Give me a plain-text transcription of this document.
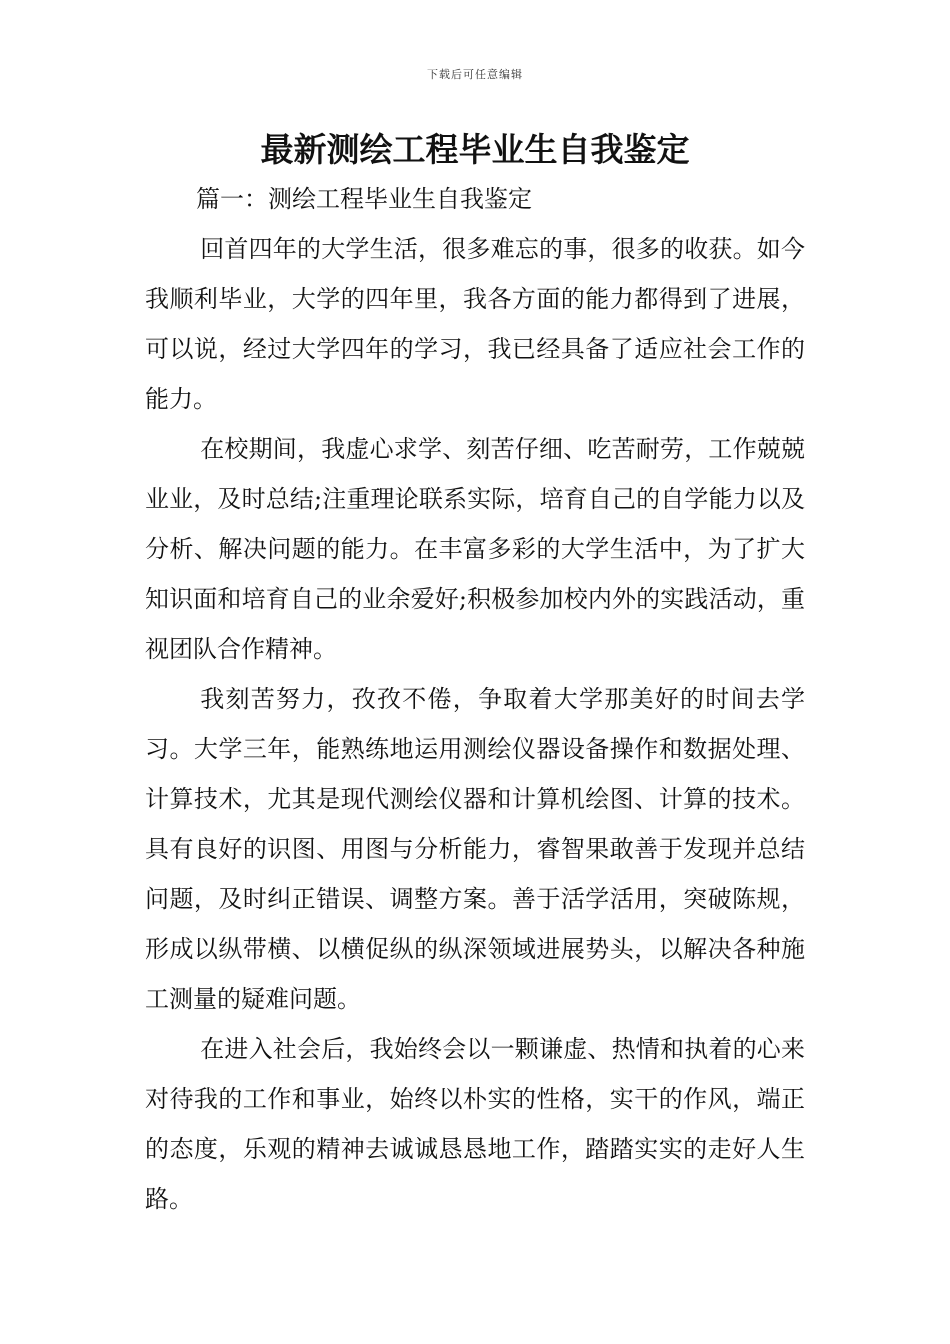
下载后可任意编辑
最新测绘工程毕业生自我鉴定
篇一：测绘工程毕业生自我鉴定

回首四年的大学生活，很多难忘的事，很多的收获。如今我顺利毕业，大学的四年里，我各方面的能力都得到了进展，可以说，经过大学四年的学习，我已经具备了适应社会工作的能力。

在校期间，我虚心求学、刻苦仔细、吃苦耐劳，工作兢兢业业，及时总结;注重理论联系实际，培育自己的自学能力以及分析、解决问题的能力。在丰富多彩的大学生活中，为了扩大知识面和培育自己的业余爱好;积极参加校内外的实践活动，重视团队合作精神。

我刻苦努力，孜孜不倦，争取着大学那美好的时间去学习。大学三年，能熟练地运用测绘仪器设备操作和数据处理、计算技术，尤其是现代测绘仪器和计算机绘图、计算的技术。具有良好的识图、用图与分析能力，睿智果敢善于发现并总结问题，及时纠正错误、调整方案。善于活学活用，突破陈规，形成以纵带横、以横促纵的纵深领域进展势头，以解决各种施工测量的疑难问题。

在进入社会后，我始终会以一颗谦虚、热情和执着的心来对待我的工作和事业，始终以朴实的性格，实干的作风，端正的态度，乐观的精神去诚诚恳恳地工作，踏踏实实的走好人生路。
